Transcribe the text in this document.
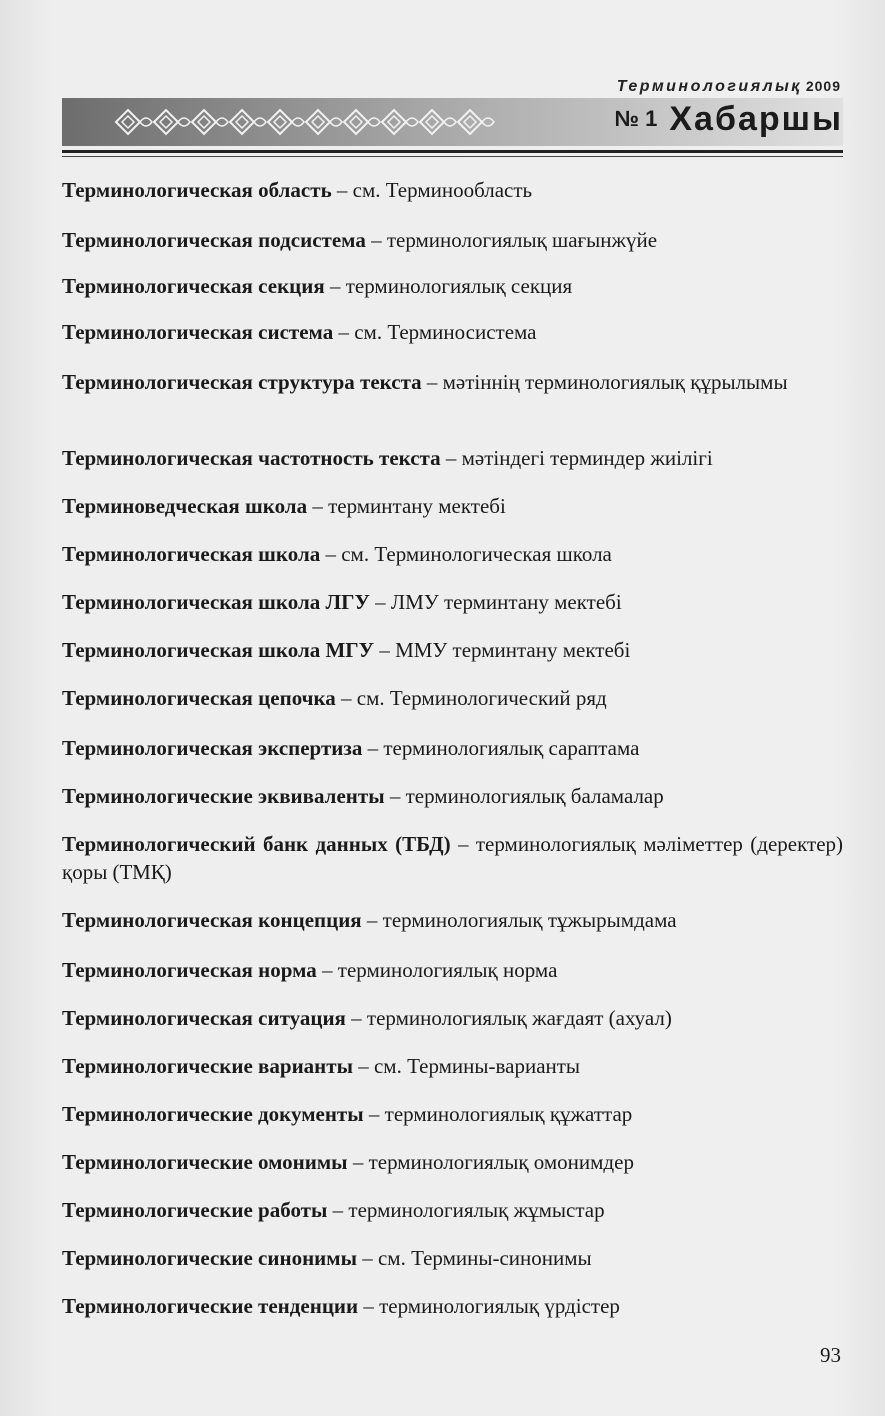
Терминологиялық 2009
№ 1 Хабаршы
Терминологическая область – см. Терминообласть
Терминологическая подсистема – терминологиялық шағынжүйе
Терминологическая секция – терминологиялық секция
Терминологическая система – см. Терминосистема
Терминологическая структура текста – мәтіннің терминологиялық құрылымы
Терминологическая частотность текста – мәтіндегі терминдер жиілігі
Терминоведческая школа – терминтану мектебі
Терминологическая школа – см. Терминологическая школа
Терминологическая школа ЛГУ – ЛМУ терминтану мектебі
Терминологическая школа МГУ – ММУ терминтану мектебі
Терминологическая цепочка – см. Терминологический ряд
Терминологическая экспертиза – терминологиялық сараптама
Терминологические эквиваленты – терминологиялық баламалар
Терминологический банк данных (ТБД) – терминологиялық мәліметтер (деректер) қоры (ТМҚ)
Терминологическая концепция – терминологиялық тұжырымдама
Терминологическая норма – терминологиялық норма
Терминологическая ситуация – терминологиялық жағдаят (ахуал)
Терминологические варианты – см. Термины-варианты
Терминологические документы – терминологиялық құжаттар
Терминологические омонимы – терминологиялық омонимдер
Терминологические работы – терминологиялық жұмыстар
Терминологические синонимы – см. Термины-синонимы
Терминологические тенденции – терминологиялық үрдістер
93
